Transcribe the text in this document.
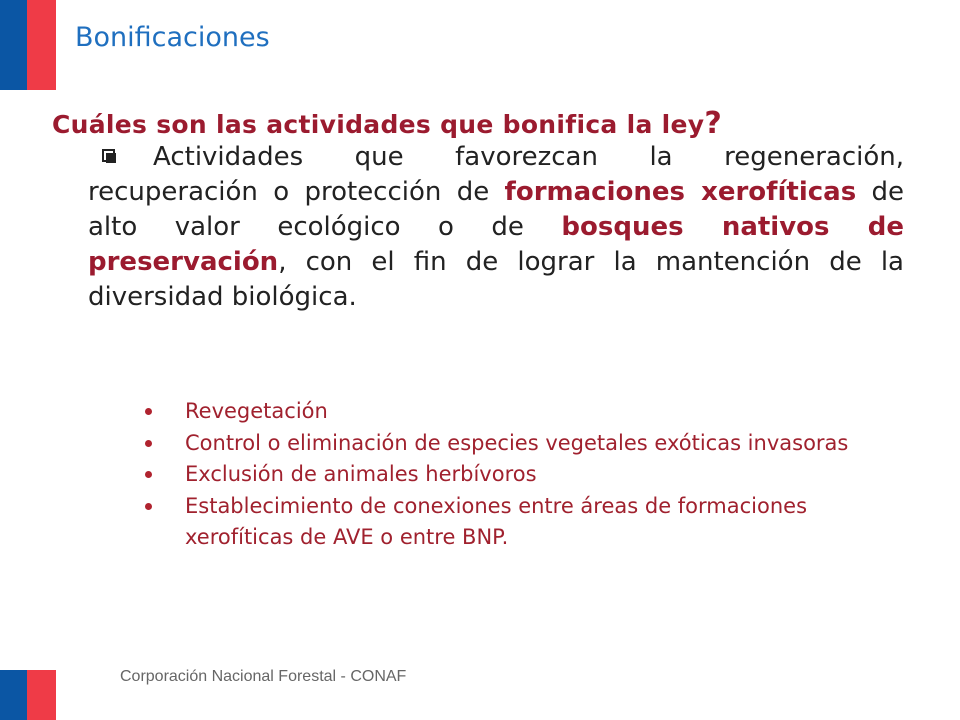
Bonificaciones

Cuáles son las actividades que bonifica la ley?

Actividades que favorezcan la regeneración, recuperación o protección de formaciones xerofíticas de alto valor ecológico o de bosques nativos de preservación, con el fin de lograr la mantención de la diversidad biológica.

Revegetación
Control o eliminación de especies vegetales exóticas invasoras
Exclusión de animales herbívoros
Establecimiento de conexiones entre áreas de formaciones xerofíticas de AVE o entre BNP.

Corporación Nacional Forestal - CONAF
